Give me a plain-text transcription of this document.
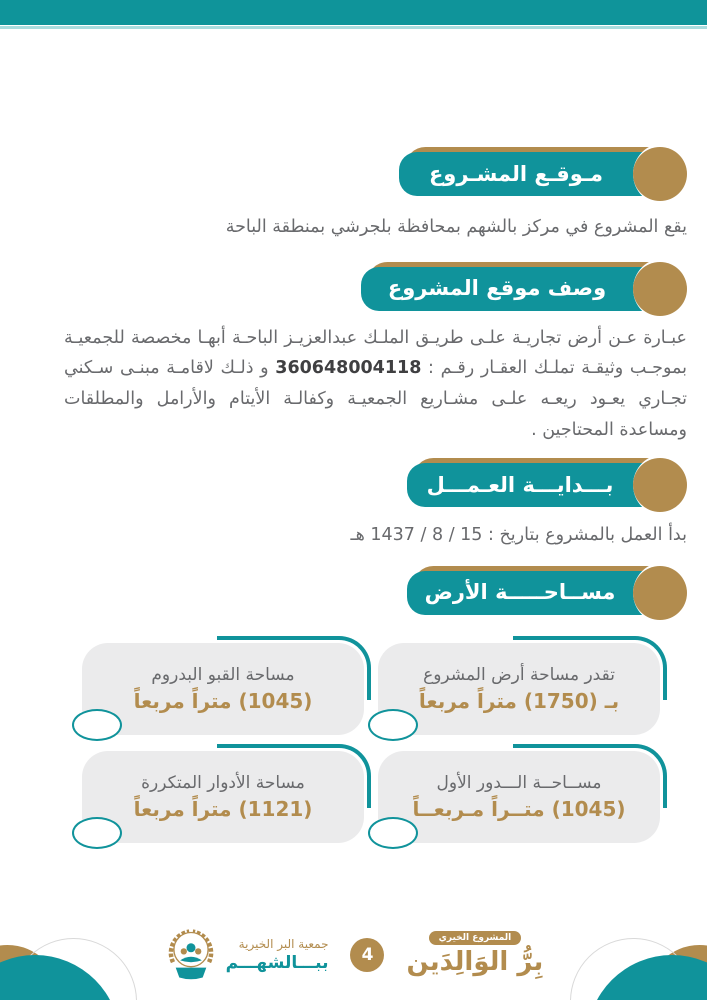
مـوقـع المشـروع

يقع المشروع في مركز بالشهم بمحافظة بلجرشي بمنطقة الباحة

وصف موقع المشروع

عبـارة عـن أرض تجاريـة علـى طريـق الملـك عبدالعزيـز الباحـة أبهـا مخصصة للجمعيـة بموجـب وثيقـة تملـك العقـار رقـم : 360648004118 و ذلـك لاقامـة مبنـى سـكني تجـاري يعـود ريعـه علـى مشـاريع الجمعيـة وكفالـة الأيتام والأرامل والمطلقات ومساعدة المحتاجين .

بـــدايـــة العـمـــل

بدأ العمل بالمشروع بتاريخ : 15 / 8 / 1437 هـ

مســاحـــــة الأرض
تقدر مساحة أرض المشروع
بـ (1750) متراً مربعاً
مساحة القبو البدروم
(1045) متراً مربعاً
مســاحــة الـــدور الأول
(1045) متــراً مـربعــاً
مساحة الأدوار المتكررة
(1121) متراً مربعاً
جمعية البر الخيرية
ببـــالشهـــم	4
المشروع الخيري
بِرُّ الوَالِدَين
